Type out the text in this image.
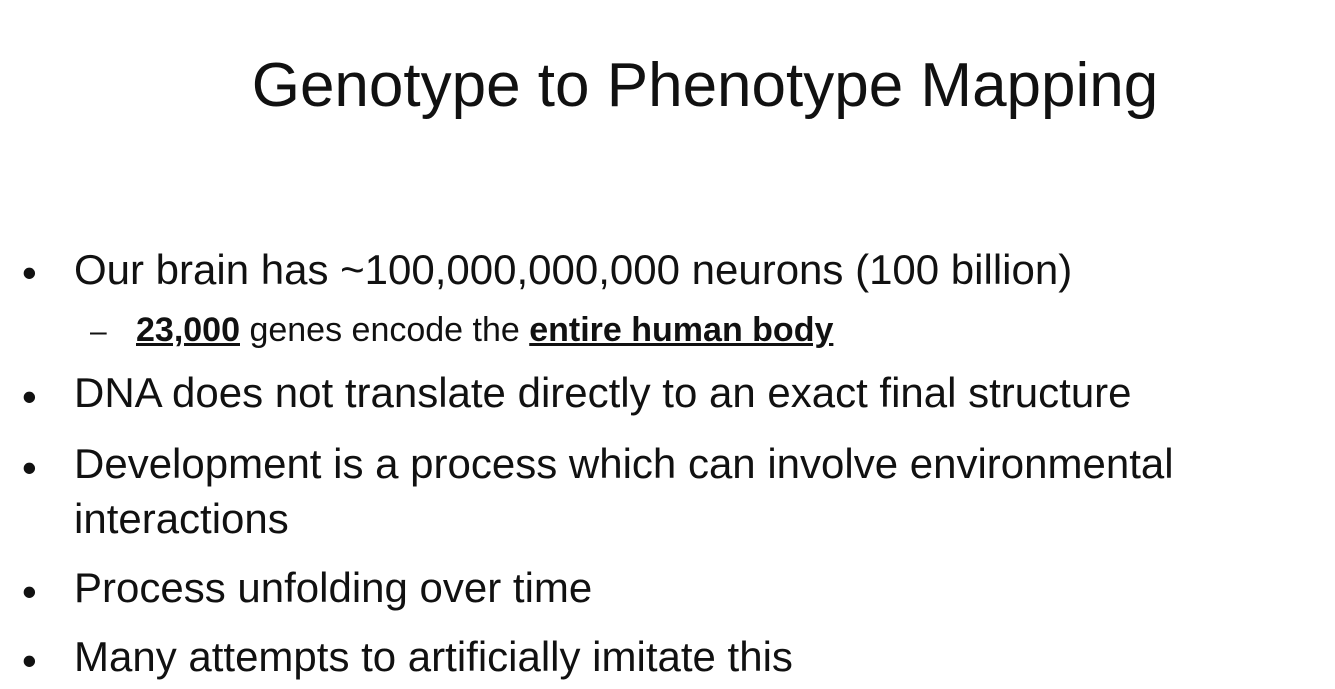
Genotype to Phenotype Mapping
• Our brain has ~100,000,000,000 neurons (100 billion)
– 23,000 genes encode the entire human body
• DNA does not translate directly to an exact final structure
• Development is a process which can involve environmental
interactions
• Process unfolding over time
• Many attempts to artificially imitate this
